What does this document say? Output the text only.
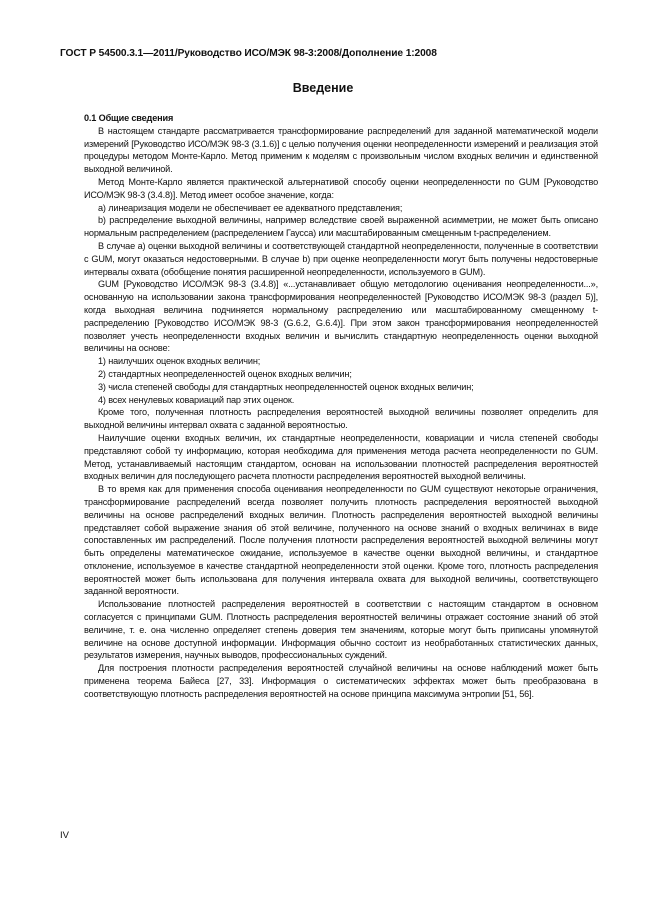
ГОСТ Р 54500.3.1—2011/Руководство ИСО/МЭК 98-3:2008/Дополнение 1:2008
Введение

0.1 Общие сведения

В настоящем стандарте рассматривается трансформирование распределений для заданной математической модели измерений [Руководство ИСО/МЭК 98-3 (3.1.6)] с целью получения оценки неопределенности измерений и реализация этой процедуры методом Монте-Карло. Метод применим к моделям с произвольным числом входных величин и единственной выходной величиной.

Метод Монте-Карло является практической альтернативой способу оценки неопределенности по GUM [Руководство ИСО/МЭК 98-3 (3.4.8)]. Метод имеет особое значение, когда:

a) линеаризация модели не обеспечивает ее адекватного представления;

b) распределение выходной величины, например вследствие своей выраженной асимметрии, не может быть описано нормальным распределением (распределением Гаусса) или масштабированным смещенным t-распределением.

В случае a) оценки выходной величины и соответствующей стандартной неопределенности, полученные в соответствии с GUM, могут оказаться недостоверными. В случае b) при оценке неопределенности могут быть получены недостоверные интервалы охвата (обобщение понятия расширенной неопределенности, используемого в GUM).

GUM [Руководство ИСО/МЭК 98-3 (3.4.8)] «...устанавливает общую методологию оценивания неопределенности...», основанную на использовании закона трансформирования неопределенностей [Руководство ИСО/МЭК 98-3 (раздел 5)], когда выходная величина подчиняется нормальному распределению или масштабированному смещенному t-распределению [Руководство ИСО/МЭК 98-3 (G.6.2, G.6.4)]. При этом закон трансформирования неопределенностей позволяет учесть неопределенности входных величин и вычислить стандартную неопределенность оценки выходной величины на основе:

1) наилучших оценок входных величин;

2) стандартных неопределенностей оценок входных величин;

3) числа степеней свободы для стандартных неопределенностей оценок входных величин;

4) всех ненулевых ковариаций пар этих оценок.

Кроме того, полученная плотность распределения вероятностей выходной величины позволяет определить для выходной величины интервал охвата с заданной вероятностью.

Наилучшие оценки входных величин, их стандартные неопределенности, ковариации и числа степеней свободы представляют собой ту информацию, которая необходима для применения метода расчета неопределенности по GUM. Метод, устанавливаемый настоящим стандартом, основан на использовании плотностей распределения вероятностей входных величин для последующего расчета плотности распределения вероятностей выходной величины.

В то время как для применения способа оценивания неопределенности по GUM существуют некоторые ограничения, трансформирование распределений всегда позволяет получить плотность распределения вероятностей выходной величины на основе распределений входных величин. Плотность распределения вероятностей выходной величины представляет собой выражение знания об этой величине, полученного на основе знаний о входных величинах в виде сопоставленных им распределений. После получения плотности распределения вероятностей выходной величины могут быть определены математическое ожидание, используемое в качестве оценки выходной величины, и стандартное отклонение, используемое в качестве стандартной неопределенности этой оценки. Кроме того, плотность распределения вероятностей может быть использована для получения интервала охвата для выходной величины, соответствующего заданной вероятности.

Использование плотностей распределения вероятностей в соответствии с настоящим стандартом в основном согласуется с принципами GUM. Плотность распределения вероятностей величины отражает состояние знаний об этой величине, т. е. она численно определяет степень доверия тем значениям, которые могут быть приписаны упомянутой величине на основе доступной информации. Информация обычно состоит из необработанных статистических данных, результатов измерения, научных выводов, профессиональных суждений.

Для построения плотности распределения вероятностей случайной величины на основе наблюдений может быть применена теорема Байеса [27, 33]. Информация о систематических эффектах может быть преобразована в соответствующую плотность распределения вероятностей на основе принципа максимума энтропии [51, 56].

IV
